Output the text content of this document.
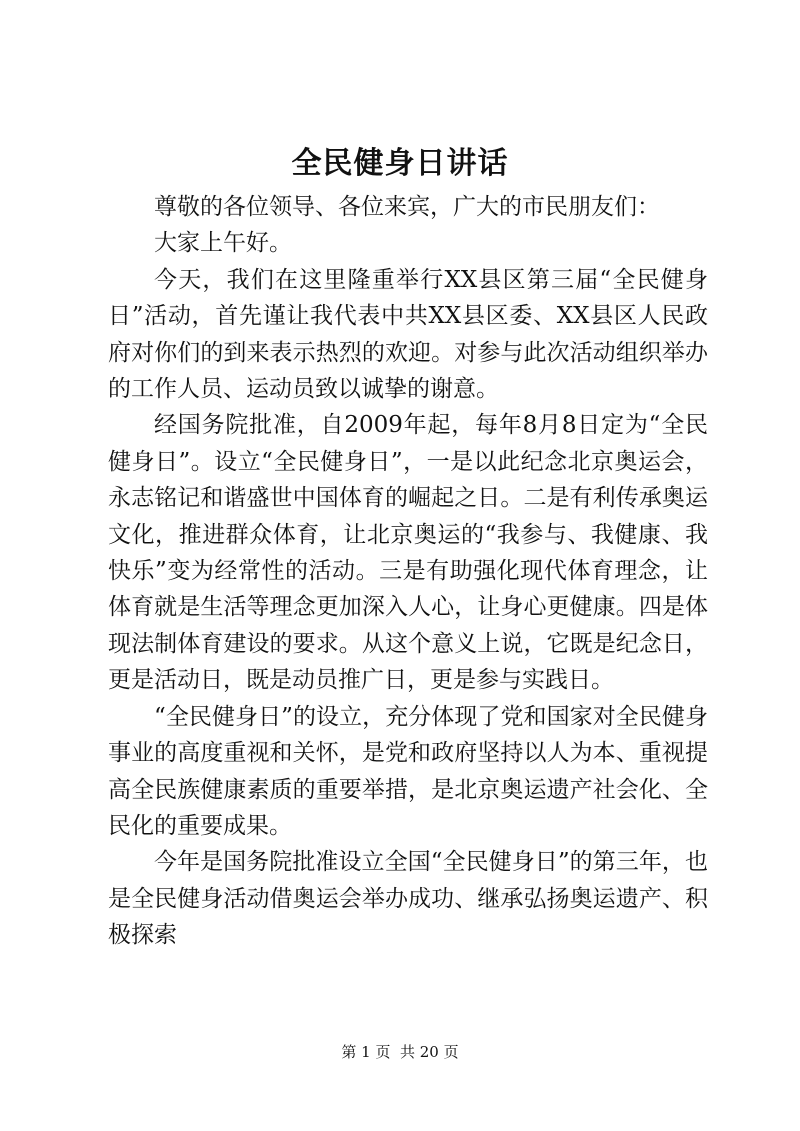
全民健身日讲话

尊敬的各位领导、各位来宾，广大的市民朋友们：

大家上午好。

今天，我们在这里隆重举行XX县区第三届“全民健身日”活动，首先谨让我代表中共XX县区委、XX县区人民政府对你们的到来表示热烈的欢迎。对参与此次活动组织举办的工作人员、运动员致以诚挚的谢意。

经国务院批准，自2009年起，每年8月8日定为“全民健身日”。设立“全民健身日”，一是以此纪念北京奥运会，永志铭记和谐盛世中国体育的崛起之日。二是有利传承奥运文化，推进群众体育，让北京奥运的“我参与、我健康、我快乐”变为经常性的活动。三是有助强化现代体育理念，让体育就是生活等理念更加深入人心，让身心更健康。四是体现法制体育建设的要求。从这个意义上说，它既是纪念日，更是活动日，既是动员推广日，更是参与实践日。

“全民健身日”的设立，充分体现了党和国家对全民健身事业的高度重视和关怀，是党和政府坚持以人为本、重视提高全民族健康素质的重要举措，是北京奥运遗产社会化、全民化的重要成果。

今年是国务院批准设立全国“全民健身日”的第三年，也是全民健身活动借奥运会举办成功、继承弘扬奥运遗产、积极探索

第 1 页  共 20 页
